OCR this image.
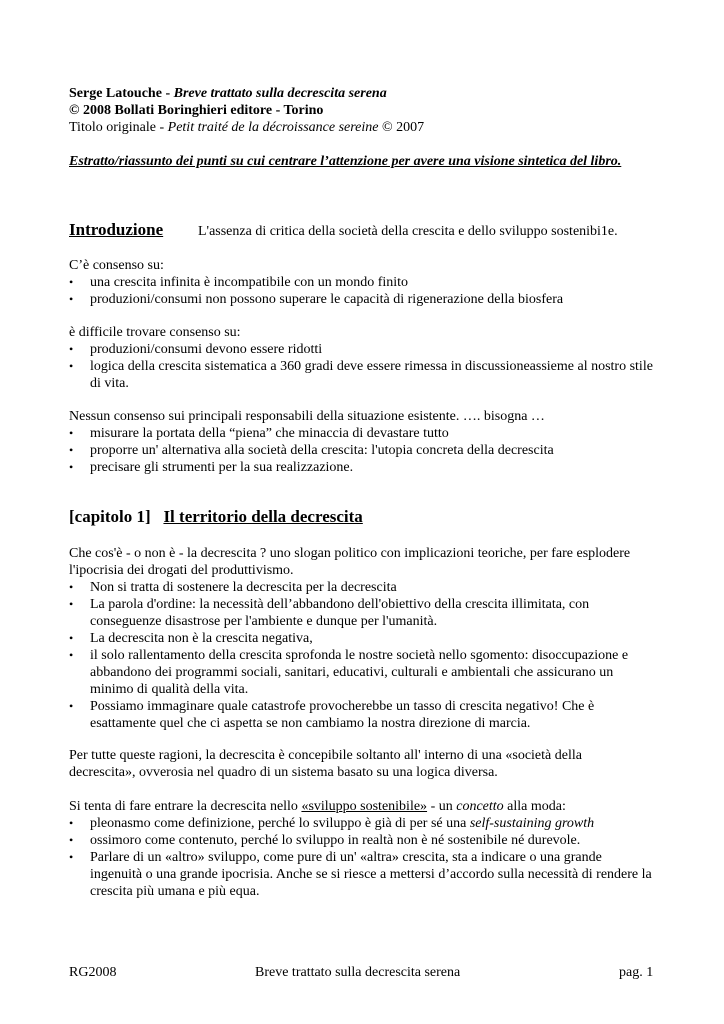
Serge Latouche - Breve trattato sulla decrescita serena
© 2008 Bollati Boringhieri editore - Torino
Titolo originale - Petit traité de la décroissance sereine © 2007
Estratto/riassunto dei punti su cui centrare l’attenzione per avere una visione sintetica del libro.
Introduzione L'assenza di critica della società della crescita e dello sviluppo sostenibi1e.
C’è consenso su:
• una crescita infinita è incompatibile con un mondo finito
• produzioni/consumi non possono superare le capacità di rigenerazione della biosfera
è difficile trovare consenso su:
• produzioni/consumi devono essere ridotti
• logica della crescita sistematica a 360 gradi deve essere rimessa in discussioneassieme al nostro stile di vita.
Nessun consenso sui principali responsabili della situazione esistente. …. bisogna …
• misurare la portata della “piena” che minaccia di devastare tutto
• proporre un' alternativa alla società della crescita: l'utopia concreta della decrescita
• precisare gli strumenti per la sua realizzazione.
[capitolo 1] Il territorio della decrescita
Che cos'è - o non è - la decrescita ? uno slogan politico con implicazioni teoriche, per fare esplodere l'ipocrisia dei drogati del produttivismo.
• Non si tratta di sostenere la decrescita per la decrescita
• La parola d'ordine: la necessità dell’abbandono dell'obiettivo della crescita illimitata, con conseguenze disastrose per l'ambiente e dunque per l'umanità.
• La decrescita non è la crescita negativa,
• il solo rallentamento della crescita sprofonda le nostre società nello sgomento: disoccupazione e abbandono dei programmi sociali, sanitari, educativi, culturali e ambientali che assicurano un minimo di qualità della vita.
• Possiamo immaginare quale catastrofe provocherebbe un tasso di crescita negativo! Che è esattamente quel che ci aspetta se non cambiamo la nostra direzione di marcia.
Per tutte queste ragioni, la decrescita è concepibile soltanto all' interno di una «società della decrescita», ovverosia nel quadro di un sistema basato su una logica diversa.
Si tenta di fare entrare la decrescita nello «sviluppo sostenibile» - un concetto alla moda:
• pleonasmo come definizione, perché lo sviluppo è già di per sé una self-sustaining growth
• ossimoro come contenuto, perché lo sviluppo in realtà non è né sostenibile né durevole.
• Parlare di un «altro» sviluppo, come pure di un' «altra» crescita, sta a indicare o una grande ingenuità o una grande ipocrisia. Anche se si riesce a mettersi d’accordo sulla necessità di rendere la crescita più umana e più equa.
RG2008	Breve trattato sulla decrescita serena	pag. 1
